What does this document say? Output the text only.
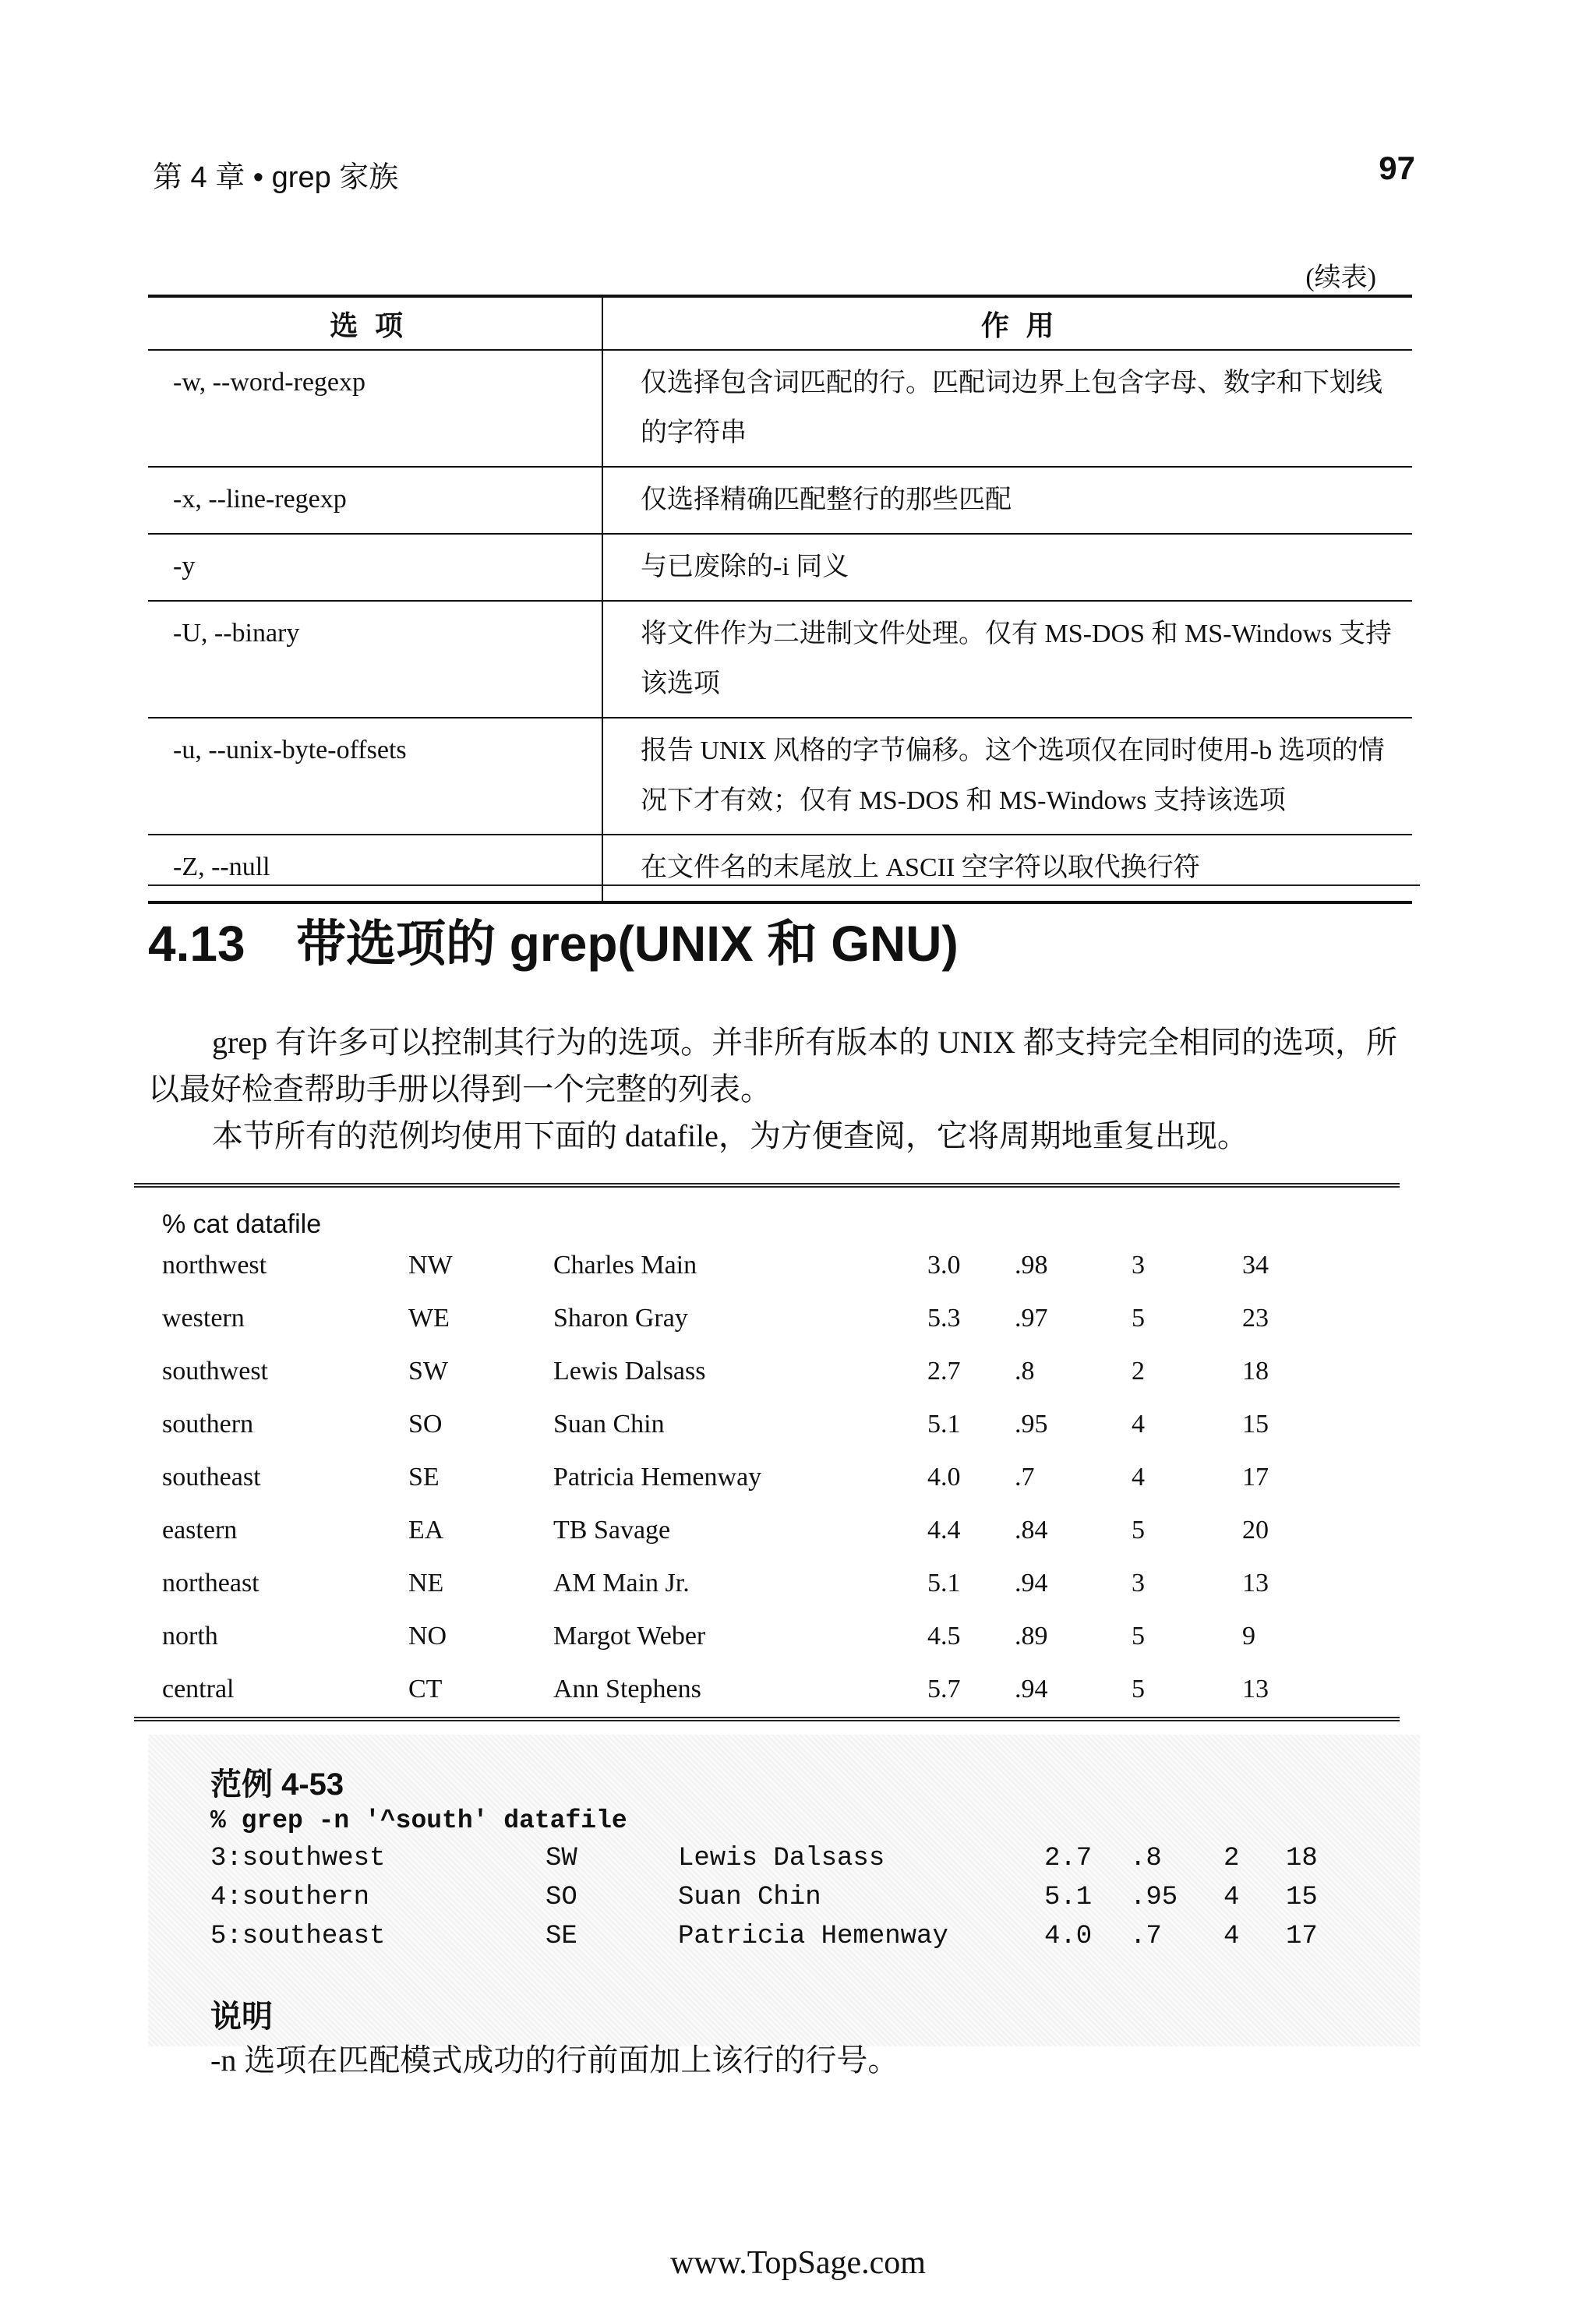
第 4 章 • grep 家族	97
(续表)
选项	作用
-w, --word-regexp	仅选择包含词匹配的行。匹配词边界上包含字母、数字和下划线的字符串
-x, --line-regexp	仅选择精确匹配整行的那些匹配
-y	与已废除的-i 同义
-U, --binary	将文件作为二进制文件处理。仅有 MS-DOS 和 MS-Windows 支持该选项
-u, --unix-byte-offsets	报告 UNIX 风格的字节偏移。这个选项仅在同时使用-b 选项的情况下才有效；仅有 MS-DOS 和 MS-Windows 支持该选项
-Z, --null	在文件名的末尾放上 ASCII 空字符以取代换行符
4.13 带选项的 grep(UNIX 和 GNU)
grep 有许多可以控制其行为的选项。并非所有版本的 UNIX 都支持完全相同的选项，所以最好检查帮助手册以得到一个完整的列表。
本节所有的范例均使用下面的 datafile，为方便查阅，它将周期地重复出现。
% cat datafile
northwest	NW	Charles Main	3.0	.98	3	34
western	WE	Sharon Gray	5.3	.97	5	23
southwest	SW	Lewis Dalsass	2.7	.8	2	18
southern	SO	Suan Chin	5.1	.95	4	15
southeast	SE	Patricia Hemenway	4.0	.7	4	17
eastern	EA	TB Savage	4.4	.84	5	20
northeast	NE	AM Main Jr.	5.1	.94	3	13
north	NO	Margot Weber	4.5	.89	5	9
central	CT	Ann Stephens	5.7	.94	5	13
范例 4-53
% grep -n '^south' datafile
3:southwest	SW	Lewis Dalsass	2.7	.8	2	18
4:southern	SO	Suan Chin	5.1	.95	4	15
5:southeast	SE	Patricia Hemenway	4.0	.7	4	17
说明
-n 选项在匹配模式成功的行前面加上该行的行号。
www.TopSage.com
